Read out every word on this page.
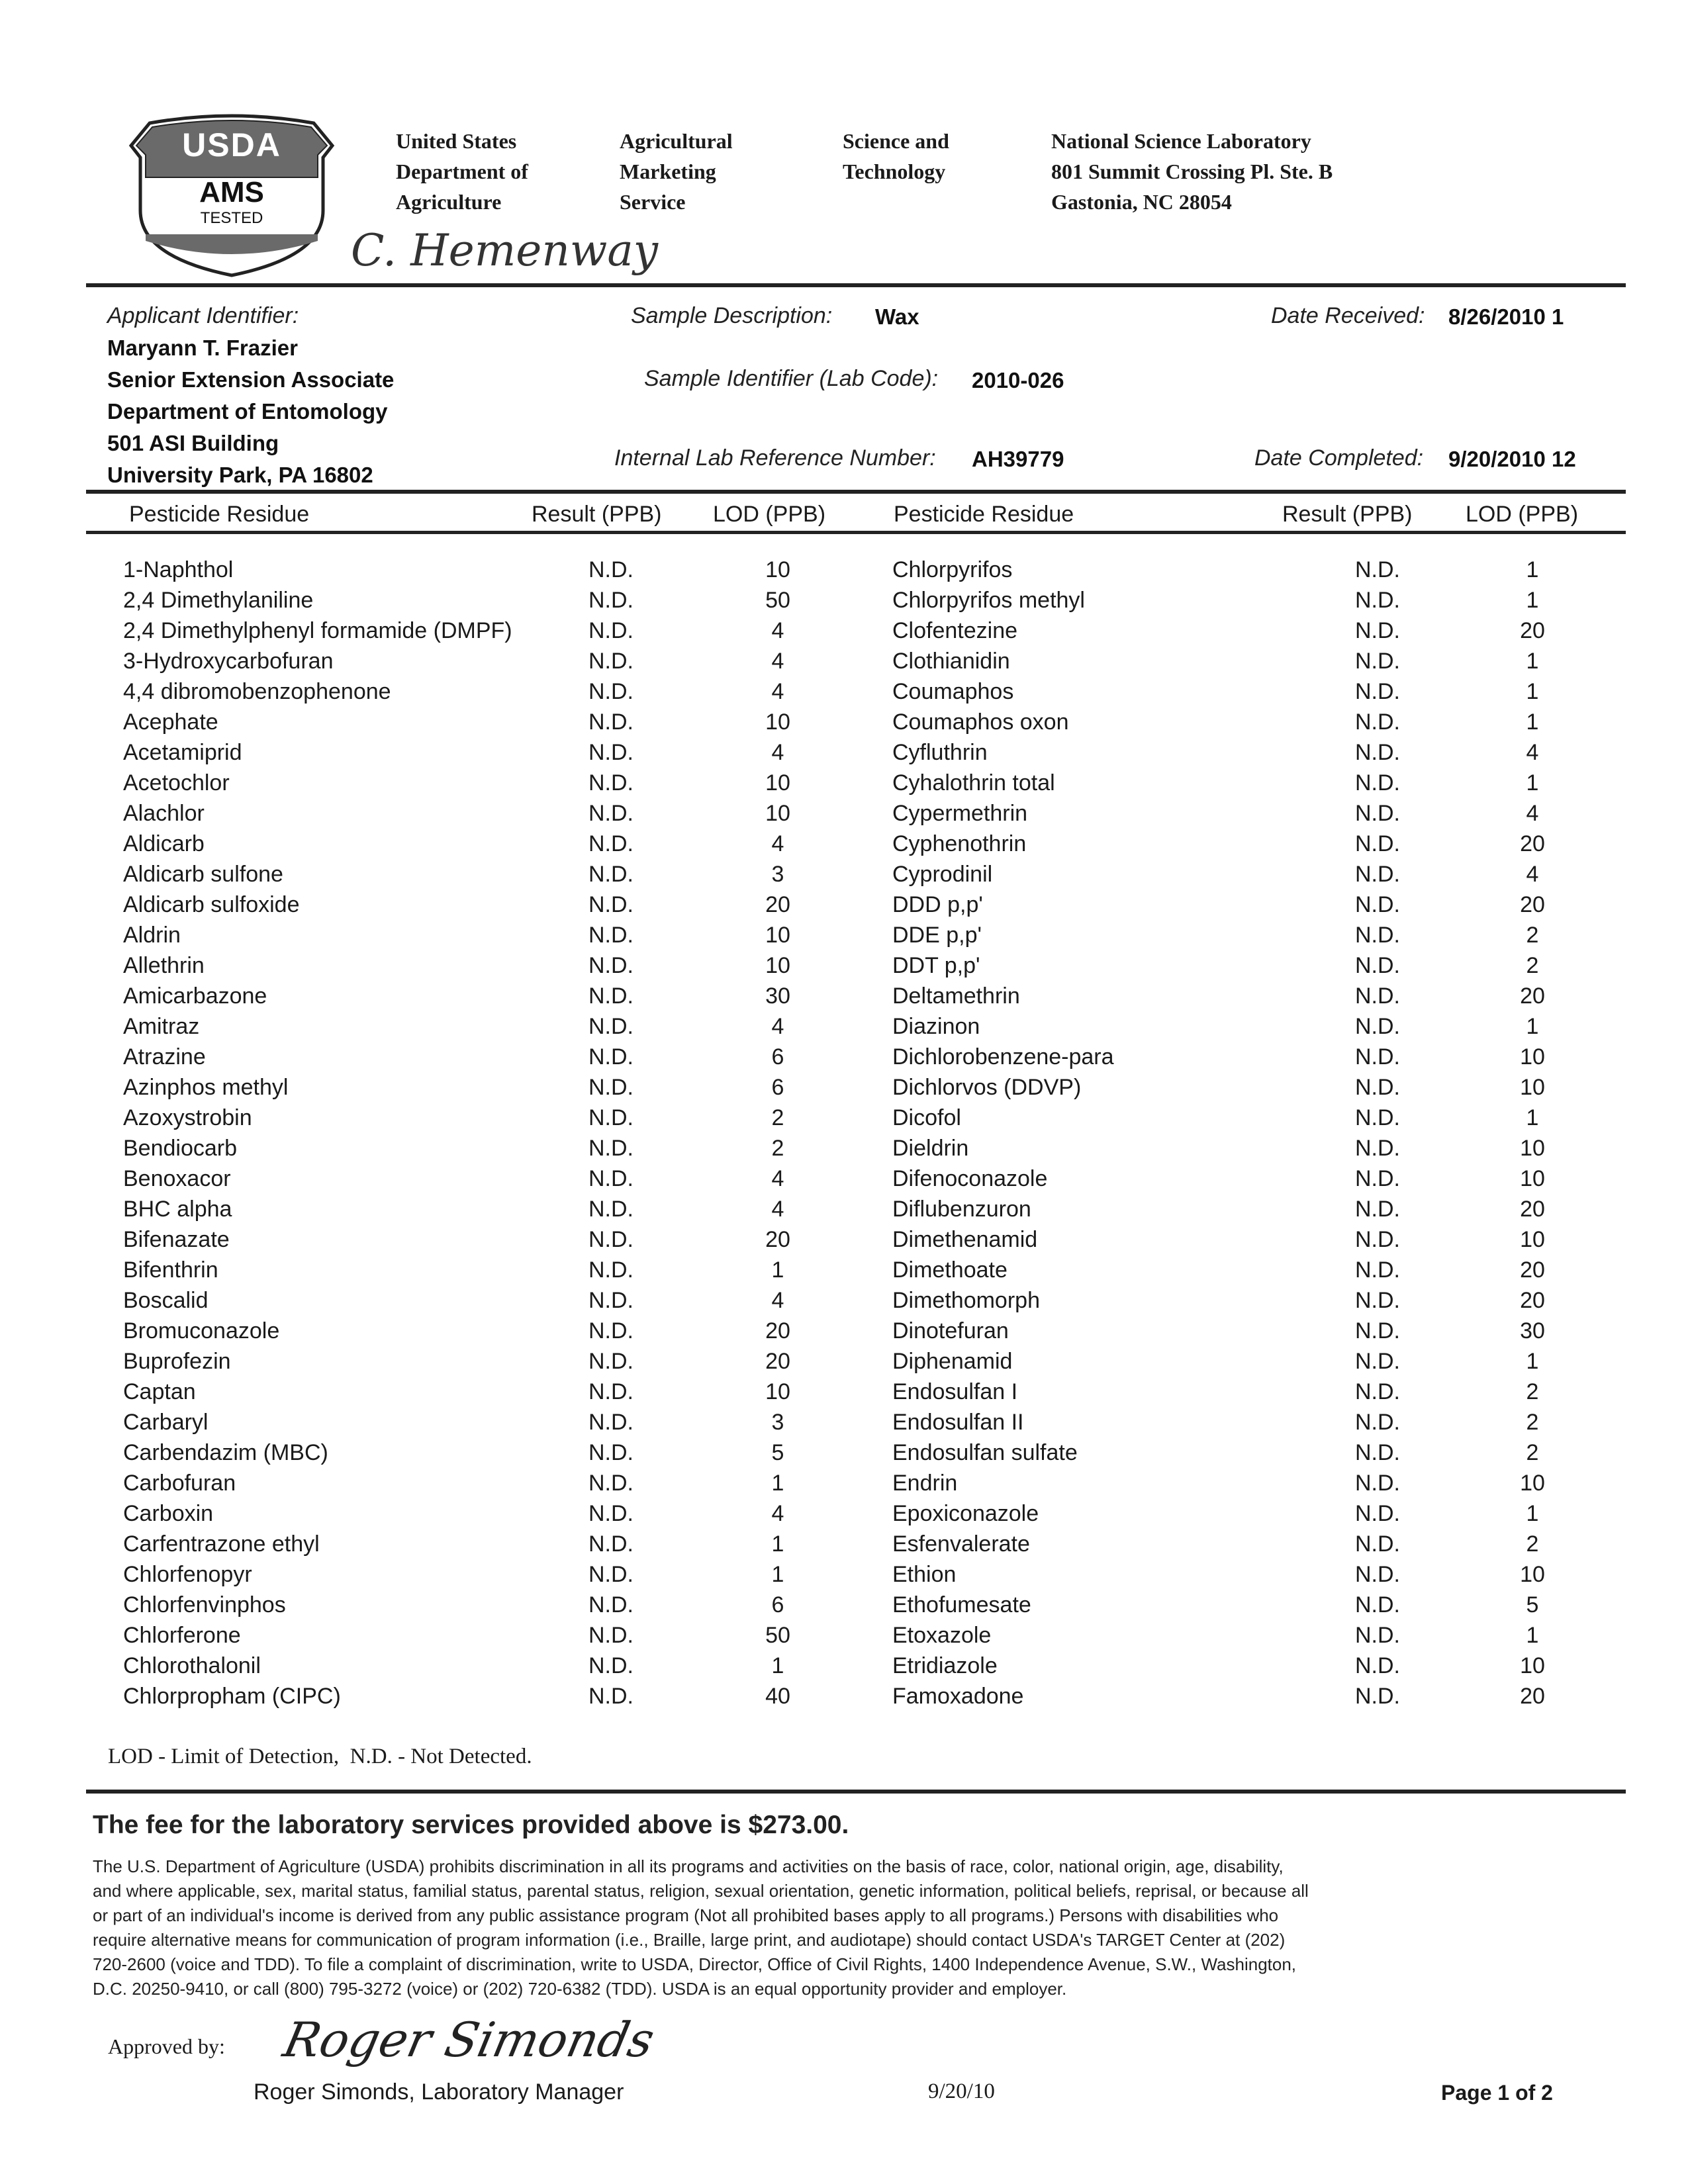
USDA
AMS
TESTED
United States
Department of
Agriculture
Agricultural
Marketing
Service
Science and
Technology
National Science Laboratory
801 Summit Crossing Pl. Ste. B
Gastonia, NC 28054
C. Hemenway
Applicant Identifier:
Maryann T. Frazier
Senior Extension Associate
Department of Entomology
501 ASI Building
University Park, PA 16802
Sample Description: Wax
Sample Identifier (Lab Code): 2010-026
Internal Lab Reference Number: AH39779
Date Received: 8/26/2010 1
Date Completed: 9/20/2010 12
Pesticide Residue	Result (PPB) LOD (PPB)	Pesticide Residue	Result (PPB) LOD (PPB)
1-Naphthol	N.D.	10	Chlorpyrifos	N.D.	1
2,4 Dimethylaniline	N.D.	50	Chlorpyrifos methyl	N.D.	1
2,4 Dimethylphenyl formamide (DMPF)	N.D.	4	Clofentezine	N.D.	20
3-Hydroxycarbofuran	N.D.	4	Clothianidin	N.D.	1
4,4 dibromobenzophenone	N.D.	4	Coumaphos	N.D.	1
Acephate	N.D.	10	Coumaphos oxon	N.D.	1
Acetamiprid	N.D.	4	Cyfluthrin	N.D.	4
Acetochlor	N.D.	10	Cyhalothrin total	N.D.	1
Alachlor	N.D.	10	Cypermethrin	N.D.	4
Aldicarb	N.D.	4	Cyphenothrin	N.D.	20
Aldicarb sulfone	N.D.	3	Cyprodinil	N.D.	4
Aldicarb sulfoxide	N.D.	20	DDD p,p'	N.D.	20
Aldrin	N.D.	10	DDE p,p'	N.D.	2
Allethrin	N.D.	10	DDT p,p'	N.D.	2
Amicarbazone	N.D.	30	Deltamethrin	N.D.	20
Amitraz	N.D.	4	Diazinon	N.D.	1
Atrazine	N.D.	6	Dichlorobenzene-para	N.D.	10
Azinphos methyl	N.D.	6	Dichlorvos (DDVP)	N.D.	10
Azoxystrobin	N.D.	2	Dicofol	N.D.	1
Bendiocarb	N.D.	2	Dieldrin	N.D.	10
Benoxacor	N.D.	4	Difenoconazole	N.D.	10
BHC alpha	N.D.	4	Diflubenzuron	N.D.	20
Bifenazate	N.D.	20	Dimethenamid	N.D.	10
Bifenthrin	N.D.	1	Dimethoate	N.D.	20
Boscalid	N.D.	4	Dimethomorph	N.D.	20
Bromuconazole	N.D.	20	Dinotefuran	N.D.	30
Buprofezin	N.D.	20	Diphenamid	N.D.	1
Captan	N.D.	10	Endosulfan I	N.D.	2
Carbaryl	N.D.	3	Endosulfan II	N.D.	2
Carbendazim (MBC)	N.D.	5	Endosulfan sulfate	N.D.	2
Carbofuran	N.D.	1	Endrin	N.D.	10
Carboxin	N.D.	4	Epoxiconazole	N.D.	1
Carfentrazone ethyl	N.D.	1	Esfenvalerate	N.D.	2
Chlorfenopyr	N.D.	1	Ethion	N.D.	10
Chlorfenvinphos	N.D.	6	Ethofumesate	N.D.	5
Chlorferone	N.D.	50	Etoxazole	N.D.	1
Chlorothalonil	N.D.	1	Etridiazole	N.D.	10
Chlorpropham (CIPC)	N.D.	40	Famoxadone	N.D.	20
LOD - Limit of Detection,  N.D. - Not Detected.
The fee for the laboratory services provided above is $273.00.
The U.S. Department of Agriculture (USDA) prohibits discrimination in all its programs and activities on the basis of race, color, national origin, age, disability,
and where applicable, sex, marital status, familial status, parental status, religion, sexual orientation, genetic information, political beliefs, reprisal, or because all
or part of an individual's income is derived from any public assistance program (Not all prohibited bases apply to all programs.) Persons with disabilities who
require alternative means for communication of program information (i.e., Braille, large print, and audiotape) should contact USDA's TARGET Center at (202)
720-2600 (voice and TDD). To file a complaint of discrimination, write to USDA, Director, Office of Civil Rights, 1400 Independence Avenue, S.W., Washington,
D.C. 20250-9410, or call (800) 795-3272 (voice) or (202) 720-6382 (TDD). USDA is an equal opportunity provider and employer.
Approved by: Roger Simonds
Roger Simonds, Laboratory Manager	9/20/10	Page 1 of 2
